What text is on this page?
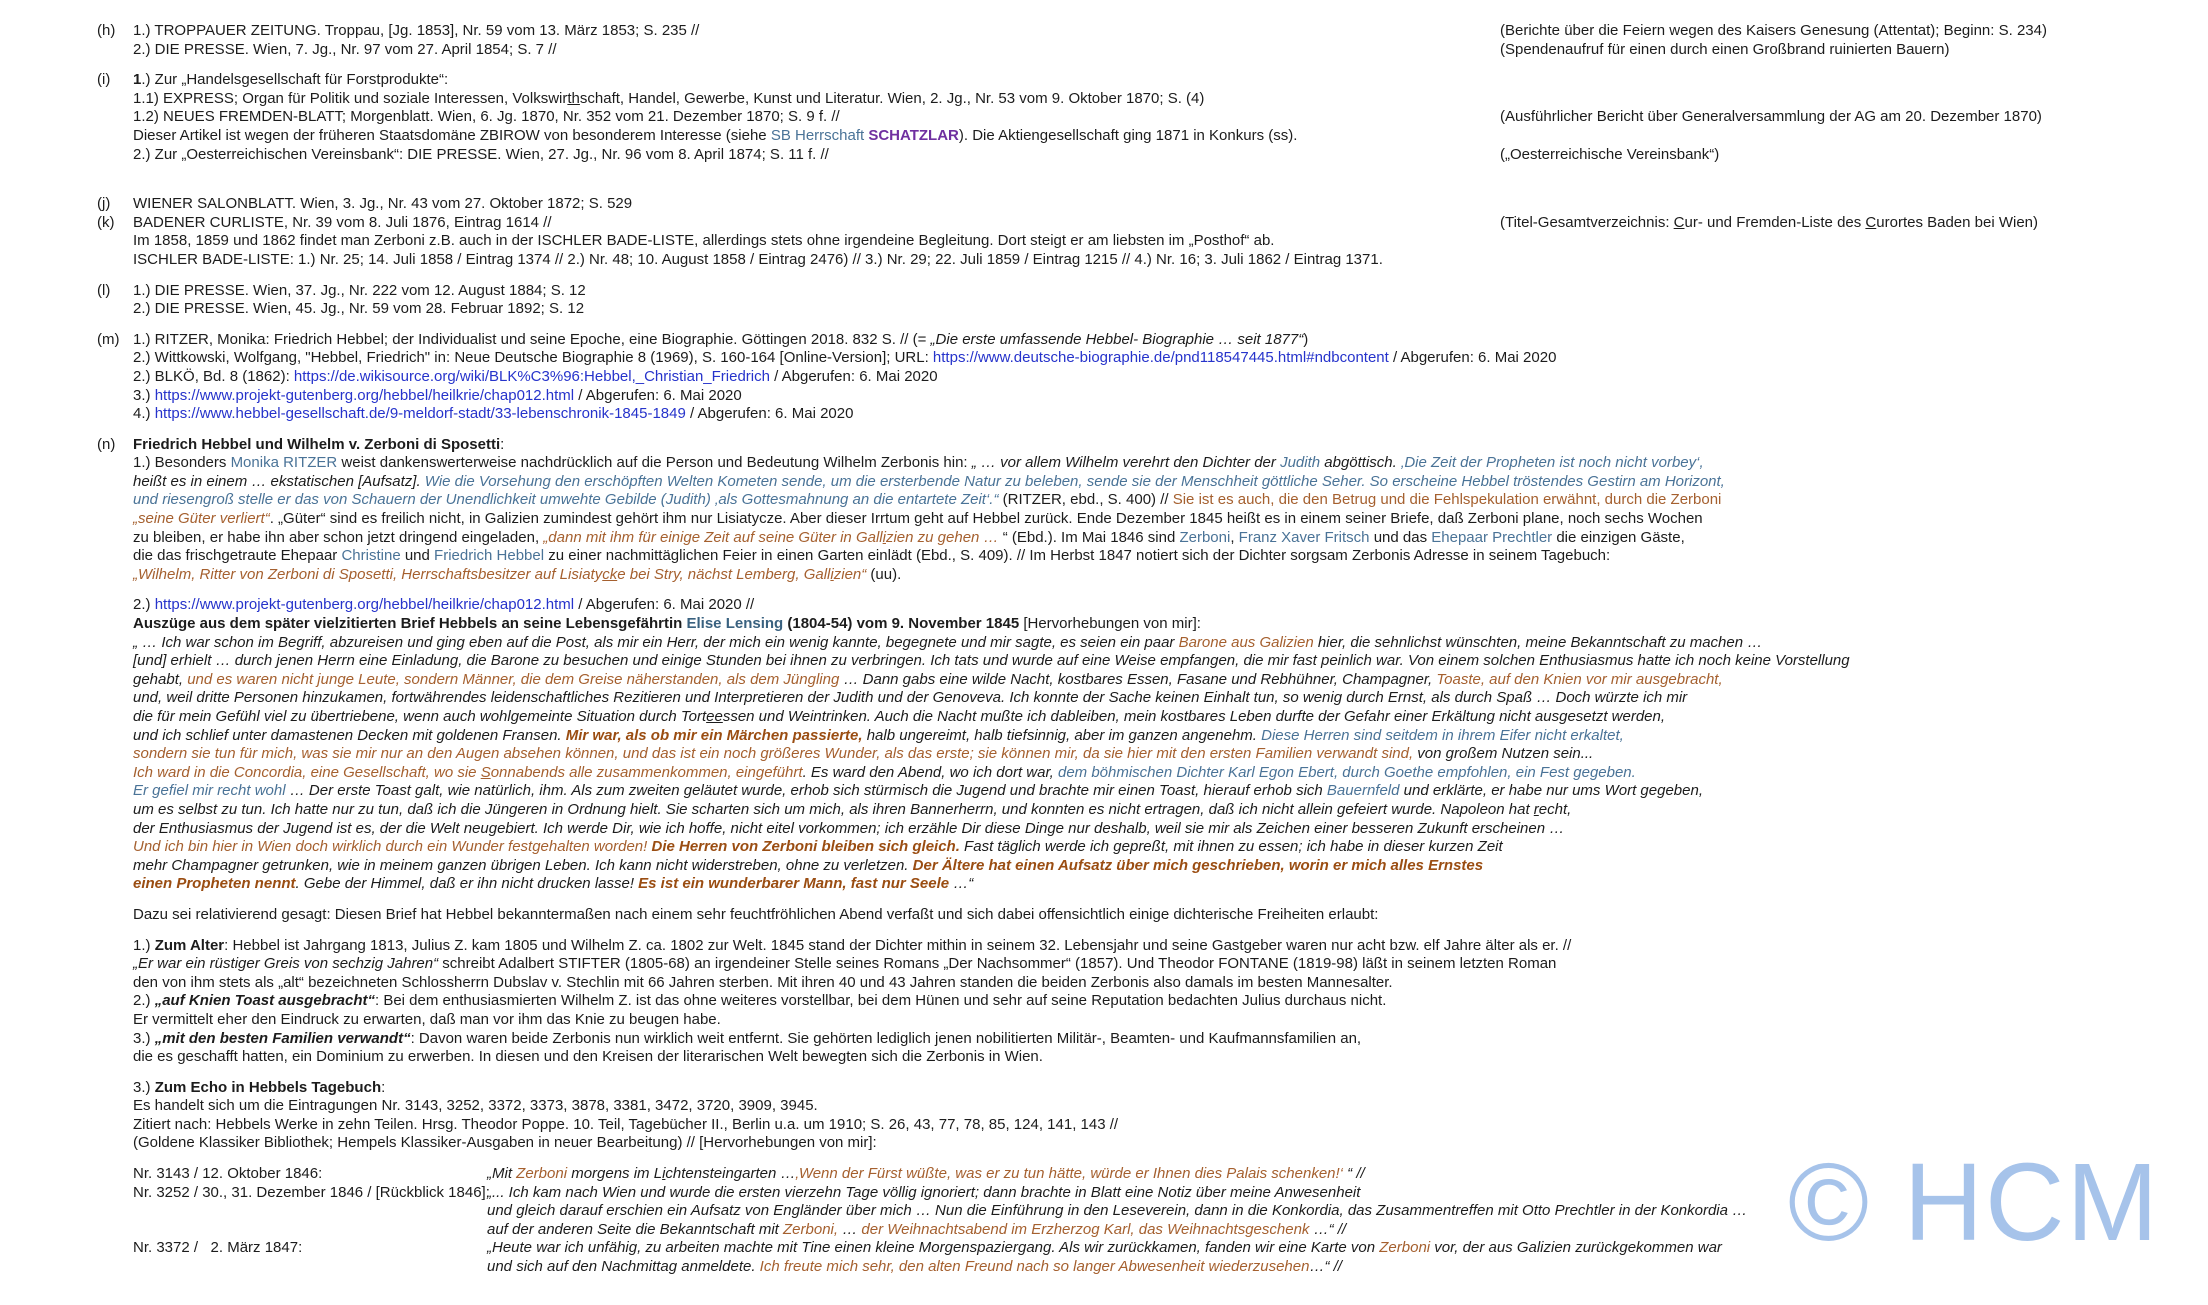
(h)	1.) TROPPAUER ZEITUNG. Troppau, [Jg. 1853], Nr. 59 vom 13. März 1853; S. 235 //	(Berichte über die Feiern wegen des Kaisers Genesung (Attentat); Beginn: S. 234)
2.) DIE PRESSE. Wien, 7. Jg., Nr. 97 vom 27. April 1854; S. 7 //	(Spendenaufruf für einen durch einen Großbrand ruinierten Bauern)
(i)	1.) Zur „Handelsgesellschaft für Forstprodukte“:
1.1) EXPRESS; Organ für Politik und soziale Interessen, Volkswirthschaft, Handel, Gewerbe, Kunst und Literatur. Wien, 2. Jg., Nr. 53 vom 9. Oktober 1870; S. (4)
1.2) NEUES FREMDEN-BLATT; Morgenblatt. Wien, 6. Jg. 1870, Nr. 352 vom 21. Dezember 1870; S. 9 f. //	(Ausführlicher Bericht über Generalversammlung der AG am 20. Dezember 1870)
Dieser Artikel ist wegen der früheren Staatsdomäne ZBIROW von besonderem Interesse (siehe SB Herrschaft SCHATZLAR). Die Aktiengesellschaft ging 1871 in Konkurs (ss).
2.) Zur „Oesterreichischen Vereinsbank“: DIE PRESSE. Wien, 27. Jg., Nr. 96 vom 8. April 1874; S. 11 f. //	(„Oesterreichische Vereinsbank“)
(j)	WIENER SALONBLATT. Wien, 3. Jg., Nr. 43 vom 27. Oktober 1872; S. 529
(k)	BADENER CURLISTE, Nr. 39 vom 8. Juli 1876, Eintrag 1614 //	(Titel-Gesamtverzeichnis: Cur- und Fremden-Liste des Curortes Baden bei Wien)
Im 1858, 1859 und 1862 findet man Zerboni z.B. auch in der ISCHLER BADE-LISTE, allerdings stets ohne irgendeine Begleitung. Dort steigt er am liebsten im „Posthof“ ab.
ISCHLER BADE-LISTE: 1.) Nr. 25; 14. Juli 1858 / Eintrag 1374 // 2.) Nr. 48; 10. August 1858 / Eintrag 2476) // 3.) Nr. 29; 22. Juli 1859 / Eintrag 1215 // 4.) Nr. 16; 3. Juli 1862 / Eintrag 1371.
(l)	1.) DIE PRESSE. Wien, 37. Jg., Nr. 222 vom 12. August 1884; S. 12
2.) DIE PRESSE. Wien, 45. Jg., Nr. 59 vom 28. Februar 1892; S. 12
(m) 1.) RITZER, Monika: Friedrich Hebbel; der Individualist und seine Epoche, eine Biographie. Göttingen 2018. 832 S. // (= „Die erste umfassende Hebbel- Biographie … seit 1877“)
2.) Wittkowski, Wolfgang, "Hebbel, Friedrich" in: Neue Deutsche Biographie 8 (1969), S. 160-164 [Online-Version]; URL: https://www.deutsche-biographie.de/pnd118547445.html#ndbcontent / Abgerufen: 6. Mai 2020
2.) BLKÖ, Bd. 8 (1862): https://de.wikisource.org/wiki/BLK%C3%96:Hebbel,_Christian_Friedrich / Abgerufen: 6. Mai 2020
3.) https://www.projekt-gutenberg.org/hebbel/heilkrie/chap012.html / Abgerufen: 6. Mai 2020
4.) https://www.hebbel-gesellschaft.de/9-meldorf-stadt/33-lebenschronik-1845-1849 / Abgerufen: 6. Mai 2020
(n)	Friedrich Hebbel und Wilhelm v. Zerboni di Sposetti:
1.) Besonders Monika RITZER weist dankenswerterweise nachdrücklich auf die Person und Bedeutung Wilhelm Zerbonis hin: „ … vor allem Wilhelm verehrt den Dichter der Judith abgöttisch. ‚Die Zeit der Propheten ist noch nicht vorbey‘,
heißt es in einem … ekstatischen [Aufsatz]. Wie die Vorsehung den erschöpften Welten Kometen sende, um die ersterbende Natur zu beleben, sende sie der Menschheit göttliche Seher. So erscheine Hebbel tröstendes Gestirn am Horizont,
und riesengroß stelle er das von Schauern der Unendlichkeit umwehte Gebilde (Judith) ‚als Gottesmahnung an die entartete Zeit‘.“ (RITZER, ebd., S. 400) // Sie ist es auch, die den Betrug und die Fehlspekulation erwähnt, durch die Zerboni
„seine Güter verliert“. „Güter“ sind es freilich nicht, in Galizien zumindest gehört ihm nur Lisiatycze. Aber dieser Irrtum geht auf Hebbel zurück. Ende Dezember 1845 heißt es in einem seiner Briefe, daß Zerboni plane, noch sechs Wochen
zu bleiben, er habe ihn aber schon jetzt dringend eingeladen, „dann mit ihm für einige Zeit auf seine Güter in Gallizien zu gehen … “ (Ebd.). Im Mai 1846 sind Zerboni, Franz Xaver Fritsch und das Ehepaar Prechtler die einzigen Gäste,
die das frischgetraute Ehepaar Christine und Friedrich Hebbel zu einer nachmittäglichen Feier in einen Garten einlädt (Ebd., S. 409). // Im Herbst 1847 notiert sich der Dichter sorgsam Zerbonis Adresse in seinem Tagebuch:
„Wilhelm, Ritter von Zerboni di Sposetti, Herrschaftsbesitzer auf Lisiatycke bei Stry, nächst Lemberg, Gallizien“ (uu).
2.) https://www.projekt-gutenberg.org/hebbel/heilkrie/chap012.html / Abgerufen: 6. Mai 2020 //
Auszüge aus dem später vielzitierten Brief Hebbels an seine Lebensgefährtin Elise Lensing (1804-54) vom 9. November 1845 [Hervorhebungen von mir]:
„ … Ich war schon im Begriff, abzureisen und ging eben auf die Post, als mir ein Herr, der mich ein wenig kannte, begegnete und mir sagte, es seien ein paar Barone aus Galizien hier, die sehnlichst wünschten, meine Bekanntschaft zu machen …
[und] erhielt … durch jenen Herrn eine Einladung, die Barone zu besuchen und einige Stunden bei ihnen zu verbringen. Ich tats und wurde auf eine Weise empfangen, die mir fast peinlich war. Von einem solchen Enthusiasmus hatte ich noch keine Vorstellung
gehabt, und es waren nicht junge Leute, sondern Männer, die dem Greise näherstanden, als dem Jüngling … Dann gabs eine wilde Nacht, kostbares Essen, Fasane und Rebhühner, Champagner, Toaste, auf den Knien vor mir ausgebracht,
und, weil dritte Personen hinzukamen, fortwährendes leidenschaftliches Rezitieren und Interpretieren der Judith und der Genoveva. Ich konnte der Sache keinen Einhalt tun, so wenig durch Ernst, als durch Spaß … Doch würzte ich mir
die für mein Gefühl viel zu übertriebene, wenn auch wohlgemeinte Situation durch Torteessen und Weintrinken. Auch die Nacht mußte ich dableiben, mein kostbares Leben durfte der Gefahr einer Erkältung nicht ausgesetzt werden,
und ich schlief unter damastenen Decken mit goldenen Fransen. Mir war, als ob mir ein Märchen passierte, halb ungereimt, halb tiefsinnig, aber im ganzen angenehm. Diese Herren sind seitdem in ihrem Eifer nicht erkaltet,
sondern sie tun für mich, was sie mir nur an den Augen absehen können, und das ist ein noch größeres Wunder, als das erste; sie können mir, da sie hier mit den ersten Familien verwandt sind, von großem Nutzen sein...
Ich ward in die Concordia, eine Gesellschaft, wo sie Sonnabends alle zusammenkommen, eingeführt. Es ward den Abend, wo ich dort war, dem böhmischen Dichter Karl Egon Ebert, durch Goethe empfohlen, ein Fest gegeben.
Er gefiel mir recht wohl … Der erste Toast galt, wie natürlich, ihm. Als zum zweiten geläutet wurde, erhob sich stürmisch die Jugend und brachte mir einen Toast, hierauf erhob sich Bauernfeld und erklärte, er habe nur ums Wort gegeben,
um es selbst zu tun. Ich hatte nur zu tun, daß ich die Jüngeren in Ordnung hielt. Sie scharten sich um mich, als ihren Bannerherrn, und konnten es nicht ertragen, daß ich nicht allein gefeiert wurde. Napoleon hat recht,
der Enthusiasmus der Jugend ist es, der die Welt neugebiert. Ich werde Dir, wie ich hoffe, nicht eitel vorkommen; ich erzähle Dir diese Dinge nur deshalb, weil sie mir als Zeichen einer besseren Zukunft erscheinen …
Und ich bin hier in Wien doch wirklich durch ein Wunder festgehalten worden! Die Herren von Zerboni bleiben sich gleich. Fast täglich werde ich gepreßt, mit ihnen zu essen; ich habe in dieser kurzen Zeit
mehr Champagner getrunken, wie in meinem ganzen übrigen Leben. Ich kann nicht widerstreben, ohne zu verletzen. Der Ältere hat einen Aufsatz über mich geschrieben, worin er mich alles Ernstes
einen Propheten nennt. Gebe der Himmel, daß er ihn nicht drucken lasse! Es ist ein wunderbarer Mann, fast nur Seele …“
Dazu sei relativierend gesagt: Diesen Brief hat Hebbel bekanntermaßen nach einem sehr feuchtfröhlichen Abend verfaßt und sich dabei offensichtlich einige dichterische Freiheiten erlaubt:
1.) Zum Alter: Hebbel ist Jahrgang 1813, Julius Z. kam 1805 und Wilhelm Z. ca. 1802 zur Welt. 1845 stand der Dichter mithin in seinem 32. Lebensjahr und seine Gastgeber waren nur acht bzw. elf Jahre älter als er. //
„Er war ein rüstiger Greis von sechzig Jahren“ schreibt Adalbert STIFTER (1805-68) an irgendeiner Stelle seines Romans „Der Nachsommer“ (1857). Und Theodor FONTANE (1819-98) läßt in seinem letzten Roman
den von ihm stets als „alt“ bezeichneten Schlossherrn Dubslav v. Stechlin mit 66 Jahren sterben. Mit ihren 40 und 43 Jahren standen die beiden Zerbonis also damals im besten Mannesalter.
2.) „auf Knien Toast ausgebracht“: Bei dem enthusiasmierten Wilhelm Z. ist das ohne weiteres vorstellbar, bei dem Hünen und sehr auf seine Reputation bedachten Julius durchaus nicht.
Er vermittelt eher den Eindruck zu erwarten, daß man vor ihm das Knie zu beugen habe.
3.) „mit den besten Familien verwandt“: Davon waren beide Zerbonis nun wirklich weit entfernt. Sie gehörten lediglich jenen nobilitierten Militär-, Beamten- und Kaufmannsfamilien an,
die es geschafft hatten, ein Dominium zu erwerben. In diesen und den Kreisen der literarischen Welt bewegten sich die Zerbonis in Wien.
3.) Zum Echo in Hebbels Tagebuch:
Es handelt sich um die Eintragungen Nr. 3143, 3252, 3372, 3373, 3878, 3381, 3472, 3720, 3909, 3945.
Zitiert nach: Hebbels Werke in zehn Teilen. Hrsg. Theodor Poppe. 10. Teil, Tagebücher II., Berlin u.a. um 1910; S. 26, 43, 77, 78, 85, 124, 141, 143 //
(Goldene Klassiker Bibliothek; Hempels Klassiker-Ausgaben in neuer Bearbeitung) // [Hervorhebungen von mir]:
Nr. 3143 / 12. Oktober 1846:	„Mit Zerboni morgens im Lichtensteingarten …‚Wenn der Fürst wüßte, was er zu tun hätte, würde er Ihnen dies Palais schenken!‘ “ //
Nr. 3252 / 30., 31. Dezember 1846 / [Rückblick 1846]: „... Ich kam nach Wien und wurde die ersten vierzehn Tage völlig ignoriert; dann brachte in Blatt eine Notiz über meine Anwesenheit
und gleich darauf erschien ein Aufsatz von Engländer über mich … Nun die Einführung in den Leseverein, dann in die Konkordia, das Zusammentreffen mit Otto Prechtler in der Konkordia …
auf der anderen Seite die Bekanntschaft mit Zerboni, … der Weihnachtsabend im Erzherzog Karl, das Weihnachtsgeschenk …“ //
Nr. 3372 /   2. März 1847:	„Heute war ich unfähig, zu arbeiten machte mit Tine einen kleine Morgenspaziergang. Als wir zurückkamen, fanden wir eine Karte von Zerboni vor, der aus Galizien zurückgekommen war
und sich auf den Nachmittag anmeldete. Ich freute mich sehr, den alten Freund nach so langer Abwesenheit wiederzusehen…“ //
© HCM
